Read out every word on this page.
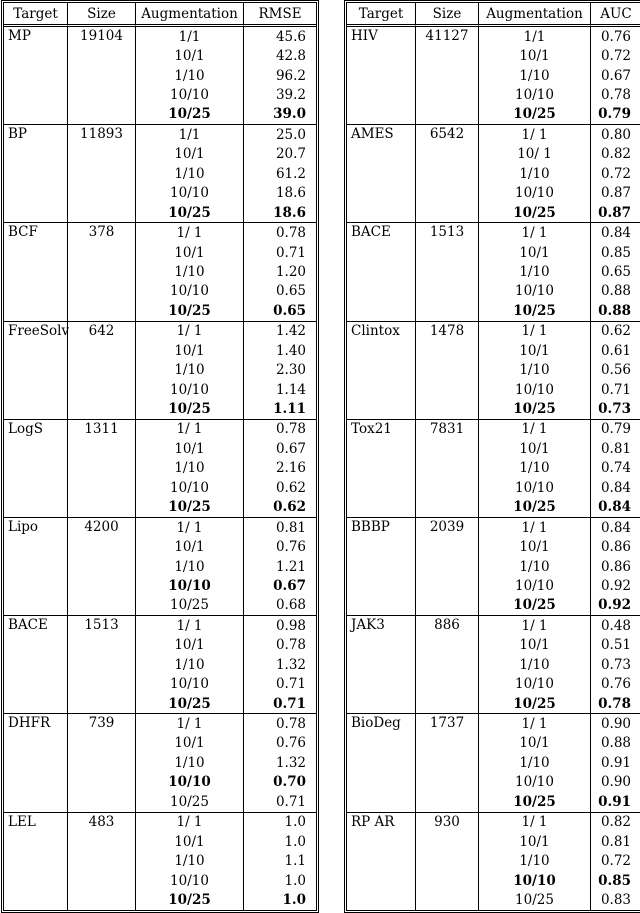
Target	Size	Augmentation	RMSE
MP	19104	1/1	45.6
		10/1	42.8
		1/10	96.2
		10/10	39.2
		10/25	39.0
BP	11893	1/1	25.0
		10/1	20.7
		1/10	61.2
		10/10	18.6
		10/25	18.6
BCF	378	1/ 1	0.78
		10/1	0.71
		1/10	1.20
		10/10	0.65
		10/25	0.65
FreeSolv	642	1/ 1	1.42
		10/1	1.40
		1/10	2.30
		10/10	1.14
		10/25	1.11
LogS	1311	1/ 1	0.78
		10/1	0.67
		1/10	2.16
		10/10	0.62
		10/25	0.62
Lipo	4200	1/ 1	0.81
		10/1	0.76
		1/10	1.21
		10/10	0.67
		10/25	0.68
BACE	1513	1/ 1	0.98
		10/1	0.78
		1/10	1.32
		10/10	0.71
		10/25	0.71
DHFR	739	1/ 1	0.78
		10/1	0.76
		1/10	1.32
		10/10	0.70
		10/25	0.71
LEL	483	1/ 1	1.0
		10/1	1.0
		1/10	1.1
		10/10	1.0
		10/25	1.0
Target	Size	Augmentation	AUC
HIV	41127	1/1	0.76
		10/1	0.72
		1/10	0.67
		10/10	0.78
		10/25	0.79
AMES	6542	1/ 1	0.80
		10/ 1	0.82
		1/10	0.72
		10/10	0.87
		10/25	0.87
BACE	1513	1/ 1	0.84
		10/1	0.85
		1/10	0.65
		10/10	0.88
		10/25	0.88
Clintox	1478	1/ 1	0.62
		10/1	0.61
		1/10	0.56
		10/10	0.71
		10/25	0.73
Tox21	7831	1/ 1	0.79
		10/1	0.81
		1/10	0.74
		10/10	0.84
		10/25	0.84
BBBP	2039	1/ 1	0.84
		10/1	0.86
		1/10	0.86
		10/10	0.92
		10/25	0.92
JAK3	886	1/ 1	0.48
		10/1	0.51
		1/10	0.73
		10/10	0.76
		10/25	0.78
BioDeg	1737	1/ 1	0.90
		10/1	0.88
		1/10	0.91
		10/10	0.90
		10/25	0.91
RP AR	930	1/ 1	0.82
		10/1	0.81
		1/10	0.72
		10/10	0.85
		10/25	0.83
